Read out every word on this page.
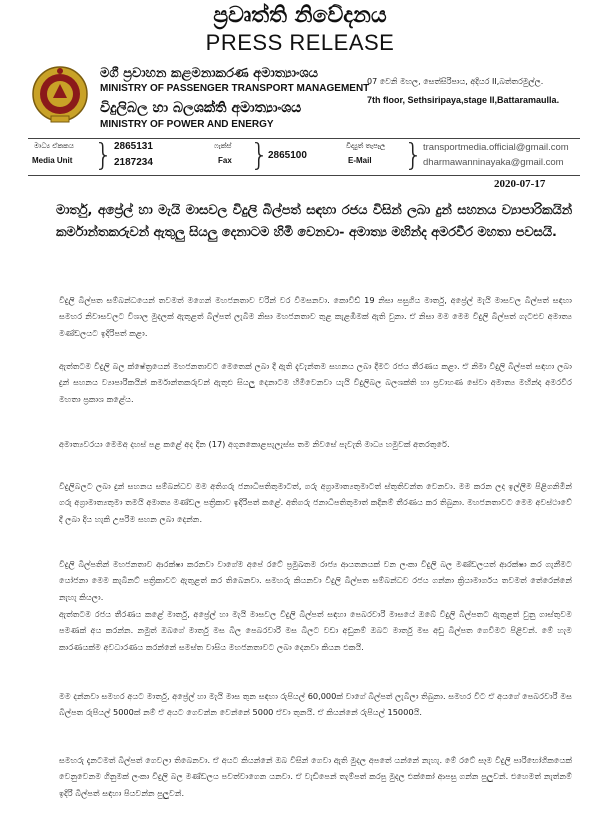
ප්‍රවෘත්ති නිවේදනය
PRESS RELEASE
මගී ප්‍රවාහන කළමනාකරණ අමාත්‍යාංශය
MINISTRY OF PASSENGER TRANSPORT MANAGEMENT
විදුලිබල හා බලශක්ති අමාත්‍යාංශය
MINISTRY OF POWER AND ENERGY
07 වෙනි මහල, සෙත්සිරිපාය, අදියර II,බත්තරමුල්ල.
7th floor, Sethsiripaya,stage II,Battaramaulla.
මාධ්‍ය ඒකකය
Media Unit } 2865131
2187234
ෆැක්ස්
Fax }
2865100
විද්‍යුත් තැපෑල
E-Mail } transportmedia.official@gmail.com
dharmawanninayaka@gmail.com
2020-07-17
මාර්තු, අප්‍රේල් හා මැයි මාසවල විදුලි බිල්පත් සඳහා රජය විසින් ලබා දුන් සහනය ව්‍යාපාරිකයින් කර්මාන්තකරුවන් ඇතුලු සියලු දෙනාටම හිමි වෙනවා- අමාත්‍ය මහින්ද අමරවීර මහතා පවසයි.
විදුලි බිල්පත සම්බන්ධයෙන් තවමත් මගෙන් මහජනතාව වරින් වර විමසනවා. කොවිඩ් 19 නිසා පසුගිය මාර්තු, අප්‍රේල් මැයි මාසවල බිල්පත් සඳහා සමහර නිවාසවලට විශාල මුදලක් ඇතුළත් බිල්පත් ලැබීම නිසා මහජනතාව තුළ කැළඹීමක් ඇති වුනා. ඒ නිසා මම මෙම විදුලි බිල්පත් ගැටළුව අමාත්‍ය මණ්ඩලයට ඉදිරිපත් කළා.
ඇත්තටම විදුලි බල ක්ෂේත්‍රයෙන් මහජනතාවට මෙතෙක් ලබා දී ඇති දැවැන්තම සහනය ලබා දීමට රජය තීරණය කළා. ඒ නිමා විදුලි බිල්පත් සඳහා ලබා දුන් සහනය ව්‍යාපාරිකයින් කර්මාන්තකරුවන් ඇතුළු සියලු දෙනාටම හිමිවෙනවා යැයි විදුලිබල බලශක්ති හා ප්‍රවාහණ සේවා අමාත්‍ය මහින්ද අමරවීර මහතා ප්‍රකාශ කළේය.
අමාත්‍යවරයා මෙමඅ දහස් පළ කළේ අද දින (17) අගුනකොළපැලැස්ස තම නිවසේ පැවැති මාධ්‍ය හමුවක් අතරතුරේ.
විදුලිබලට ලබා දුන් සහනය සම්බන්ධව මම අතිගරු ජනාධිපතිතුමාටත්, ගරු අග්‍රාමාත්‍යතුමාටත් ස්තුතිවන්ත වෙනවා. මම කරන ලද ඉල්ලීම පිළිගනිමින් ගරු අග්‍රාමාත්‍යතුමා තමයි අමාත්‍ය මණ්ඩල පත්‍රිකාව ඉදිරිපත් කළේ. අතිගරු ජනාධිපතිතුමාත් කදිනම් තීරණය කර තිබුනා. මහජනතාවට මෙම අවස්ථාවේ දී ලබා දිය හැකි උපරිම සහන ලබා දෙන්න.
විදුලි බිල්පතින් මහජනතාව ආරක්ෂා කරනවා වාගේම අපේ රටේ ප්‍රමුඛතම රාජ්‍ය ආයතනයක් වන ලංකා විදුලි බල මණ්ඩලයත් ආරක්ෂා කර ගැනීමට යෝජනා මෙම කැබිනට් පත්‍රිකාවට ඇතුළත් කර තිබෙනවා. සමහරු කියනවා විදුලි බිල්පත සම්බන්ධව රජය ගන්නා ක්‍රියාමාර්ගය තවමත් තේරෙන්නේ නැහැ කියලා.
ඇත්තටම රජය තීරණය කළේ මාර්තු, අප්‍රේල් හා මැයි මාසවල විදුලි බිල්පත් සඳහා පෙබරවාරි මාසයේ ඔබේ විදුලි බිල්පතට ඇතුළත් වුනු ගාස්තුවම පමණක් අය කරන්න. නමුත් ඔබගේ මාර්තු මස බිල පෙබරවාරි මස බිලට වඩා අඩුනම් ඔබට මාර්තු මස අඩු බිල්පත ගෙවීමට පිළිවන්. මේ හැම කාරණයක්ම අවධාරණය කරන්නේ සමස්ත වාසිය මහජනතාවට ලබා දෙනවා කියන එකයි.
මම දන්නවා සමහර අයට මාර්තු, අප්‍රේල් හා මැයි මාස තුන සඳහා රුපියල් 60,000ක් වාගේ බිල්පත් ලැබිලා තිබුනා. සමහර විට ඒ අයගේ පෙබරවාරි මස බිල්පත රුපියල් 5000ක් නම් ඒ අයට ගෙවන්න වෙන්නේ 5000 ඒවා තුනයි. ඒ කියන්නේ රුපියල් 15000යි.
සමහරු දැනටමත් බිල්පත් ගෙවලා තිබෙනවා. ඒ අයට කියන්නේ ඔබ විසින් ගෙවා ඇති මුදල අපතේ යන්නේ නැහැ. මේ රටේ සෑම විදුලි පාරිභෝගිකයෙක් වෙනුවෙනම ගිනුමක් ලංකා විදුලි බල මණ්ඩලය පවත්වාගෙන යනවා. ඒ වැඩිපෙන් තැම්පත් කරපු මුදල එක්කෝ ආපසු ගන්න පුලුවන්. එහෙමත් නැත්නම් ඉදිරි බිල්පත් සඳහා පියවන්න පුලුවන්.
